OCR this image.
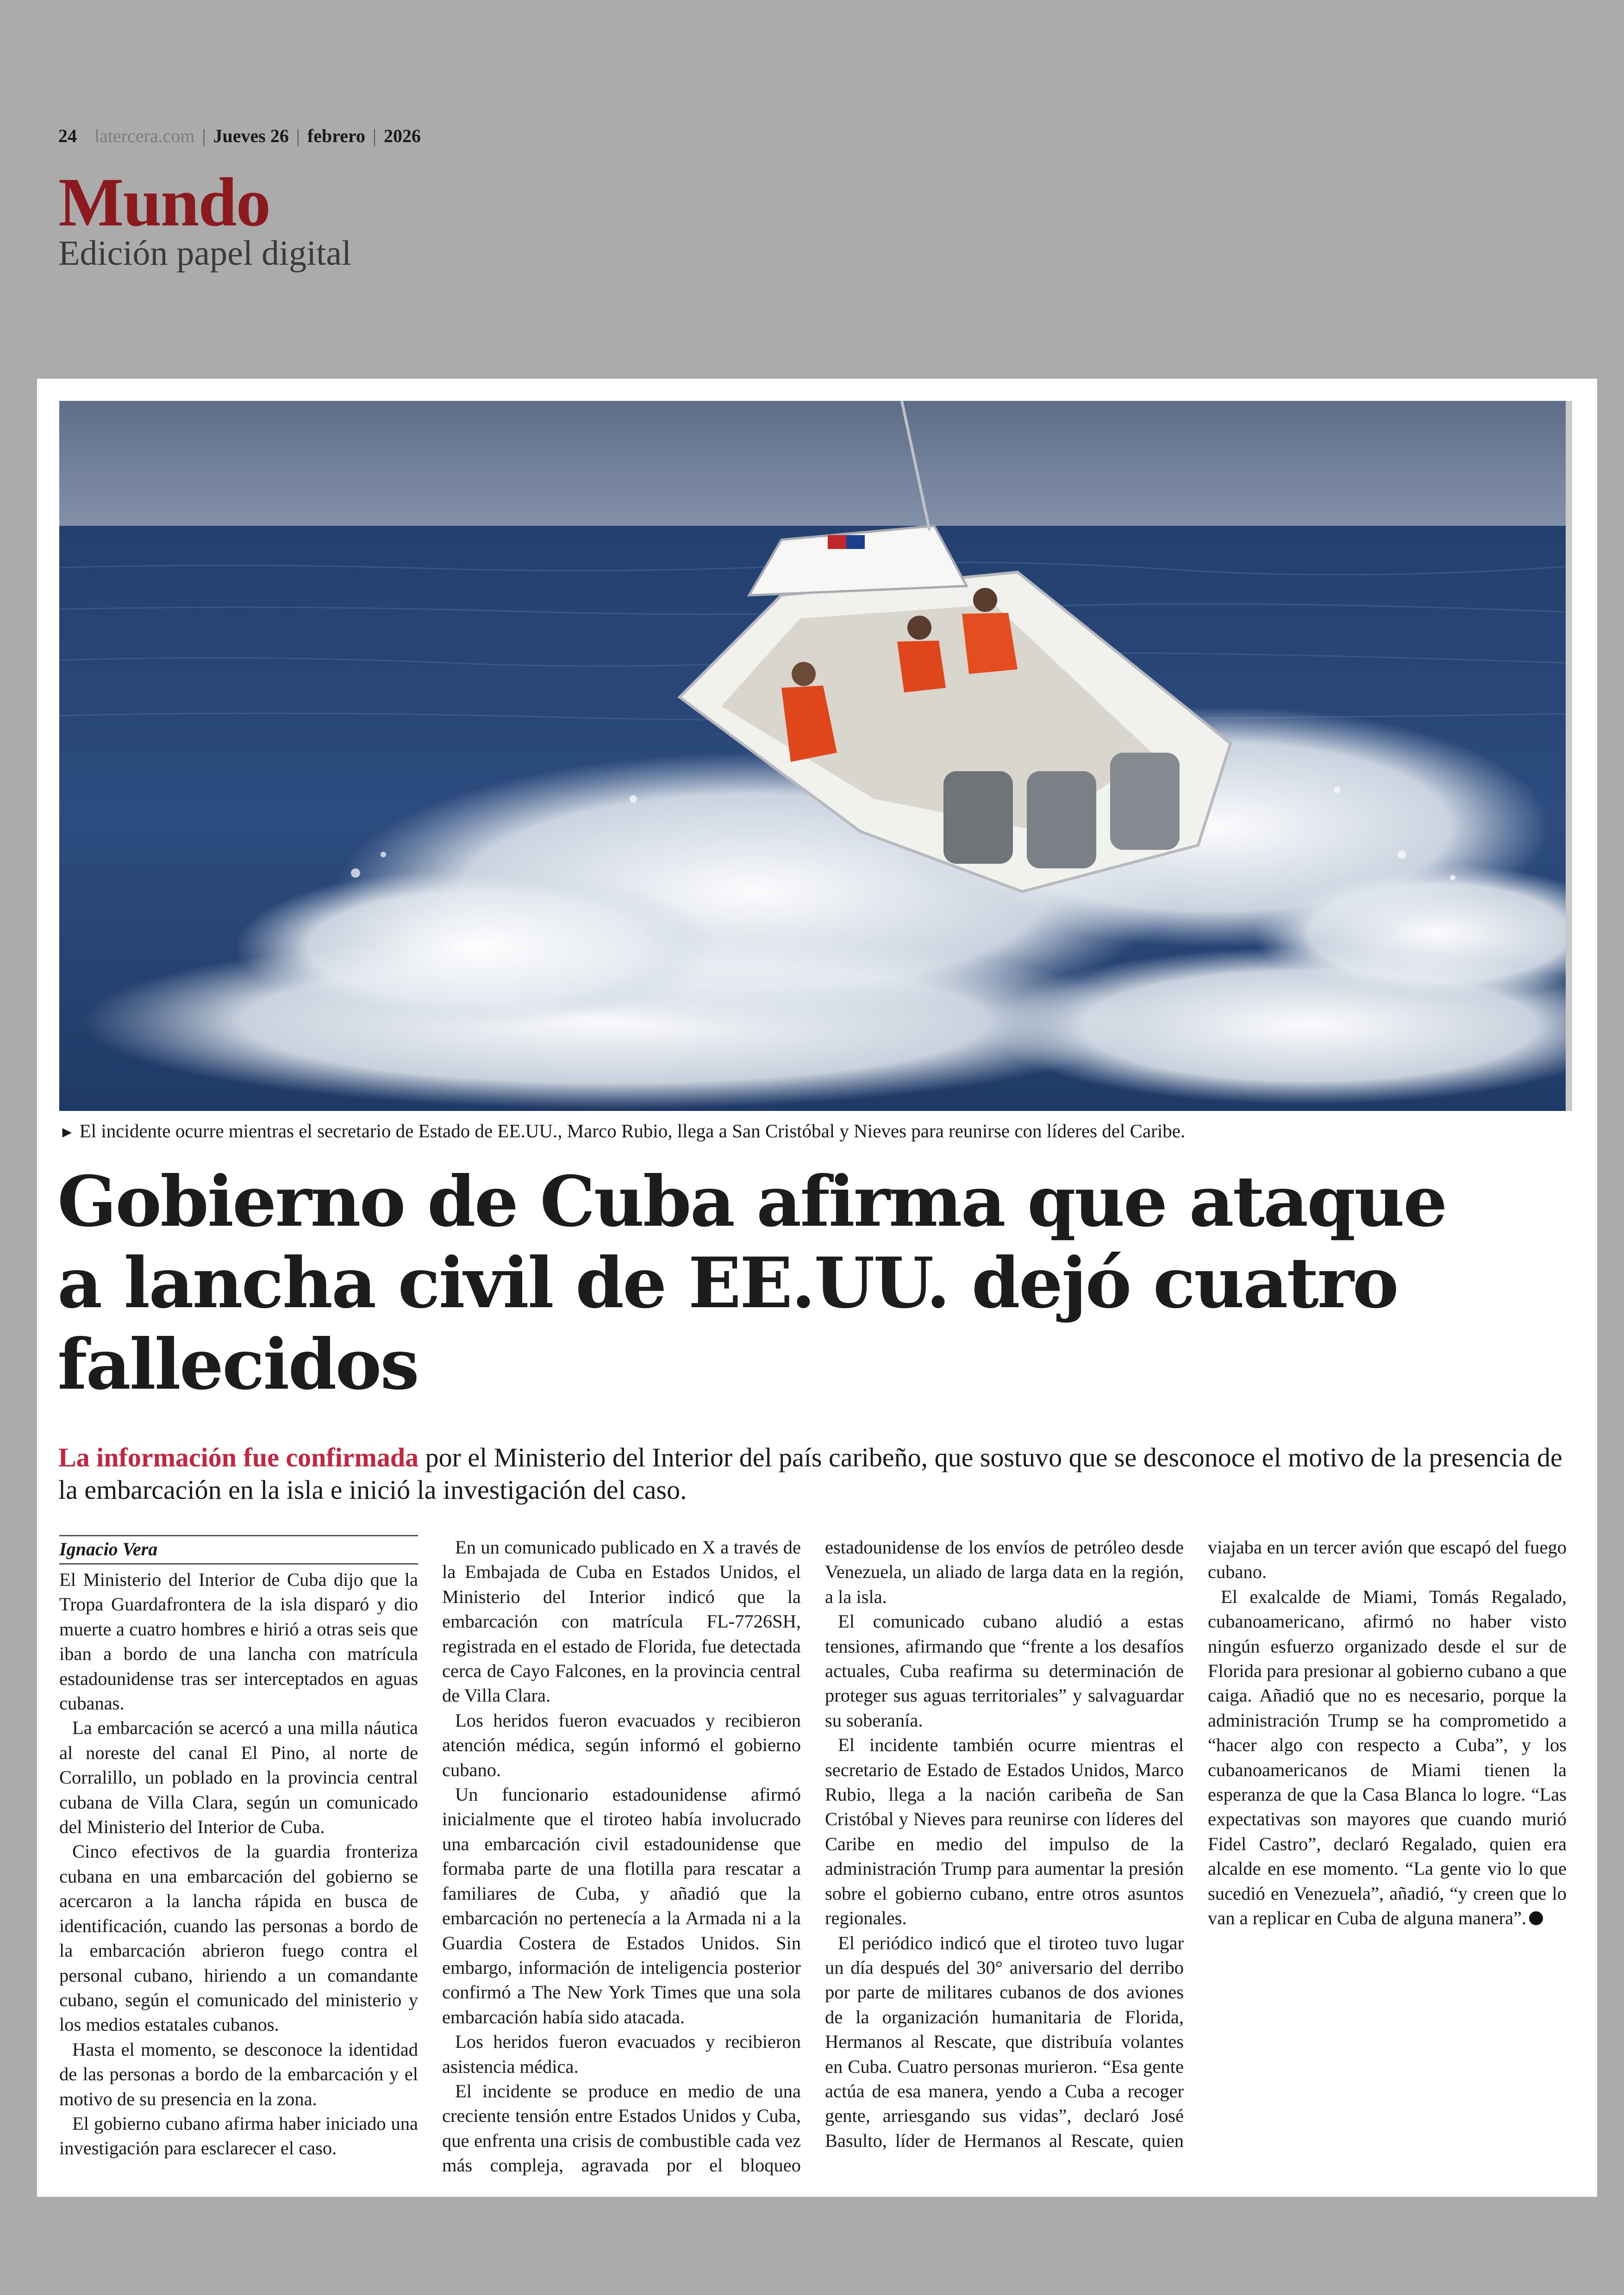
24 latercera.com | Jueves 26 | febrero | 2026
Mundo
Edición papel digital
► El incidente ocurre mientras el secretario de Estado de EE.UU., Marco Rubio, llega a San Cristóbal y Nieves para reunirse con líderes del Caribe.
Gobierno de Cuba afirma que ataque a lancha civil de EE.UU. dejó cuatro fallecidos

La información fue confirmada por el Ministerio del Interior del país caribeño, que sostuvo que se desconoce el motivo de la presencia de la embarcación en la isla e inició la investigación del caso.

Ignacio Vera

El Ministerio del Interior de Cuba dijo que la Tropa Guardafrontera de la isla disparó y dio muerte a cuatro hombres e hirió a otras seis que iban a bordo de una lancha con matrícula estadounidense tras ser interceptados en aguas cubanas.

La embarcación se acercó a una milla náutica al noreste del canal El Pino, al norte de Corralillo, un poblado en la provincia central cubana de Villa Clara, según un comunicado del Ministerio del Interior de Cuba.

Cinco efectivos de la guardia fronteriza cubana en una embarcación del gobierno se acercaron a la lancha rápida en busca de identificación, cuando las personas a bordo de la embarcación abrieron fuego contra el personal cubano, hiriendo a un comandante cubano, según el comunicado del ministerio y los medios estatales cubanos.

Hasta el momento, se desconoce la identidad de las personas a bordo de la embarcación y el motivo de su presencia en la zona.

El gobierno cubano afirma haber iniciado una investigación para esclarecer el caso.

En un comunicado publicado en X a través de la Embajada de Cuba en Estados Unidos, el Ministerio del Interior indicó que la embarcación con matrícula FL-7726SH, registrada en el estado de Florida, fue detectada cerca de Cayo Falcones, en la provincia central de Villa Clara.

Los heridos fueron evacuados y recibieron atención médica, según informó el gobierno cubano.

Un funcionario estadounidense afirmó inicialmente que el tiroteo había involucrado una embarcación civil estadounidense que formaba parte de una flotilla para rescatar a familiares de Cuba, y añadió que la embarcación no pertenecía a la Armada ni a la Guardia Costera de Estados Unidos. Sin embargo, información de inteligencia posterior confirmó a The New York Times que una sola embarcación había sido atacada.

Los heridos fueron evacuados y recibieron asistencia médica.

El incidente se produce en medio de una creciente tensión entre Estados Unidos y Cuba, que enfrenta una crisis de combustible cada vez más compleja, agravada por el bloqueo estadounidense de los envíos de petróleo desde Venezuela, un aliado de larga data en la región, a la isla.

El comunicado cubano aludió a estas tensiones, afirmando que “frente a los desafíos actuales, Cuba reafirma su determinación de proteger sus aguas territoriales” y salvaguardar su soberanía.

El incidente también ocurre mientras el secretario de Estado de Estados Unidos, Marco Rubio, llega a la nación caribeña de San Cristóbal y Nieves para reunirse con líderes del Caribe en medio del impulso de la administración Trump para aumentar la presión sobre el gobierno cubano, entre otros asuntos regionales.

El periódico indicó que el tiroteo tuvo lugar un día después del 30° aniversario del derribo por parte de militares cubanos de dos aviones de la organización humanitaria de Florida, Hermanos al Rescate, que distribuía volantes en Cuba. Cuatro personas murieron. “Esa gente actúa de esa manera, yendo a Cuba a recoger gente, arriesgando sus vidas”, declaró José Basulto, líder de Hermanos al Rescate, quien viajaba en un tercer avión que escapó del fuego cubano.

El exalcalde de Miami, Tomás Regalado, cubanoamericano, afirmó no haber visto ningún esfuerzo organizado desde el sur de Florida para presionar al gobierno cubano a que caiga. Añadió que no es necesario, porque la administración Trump se ha comprometido a “hacer algo con respecto a Cuba”, y los cubanoamericanos de Miami tienen la esperanza de que la Casa Blanca lo logre. “Las expectativas son mayores que cuando murió Fidel Castro”, declaró Regalado, quien era alcalde en ese momento. “La gente vio lo que sucedió en Venezuela”, añadió, “y creen que lo van a replicar en Cuba de alguna manera”.
